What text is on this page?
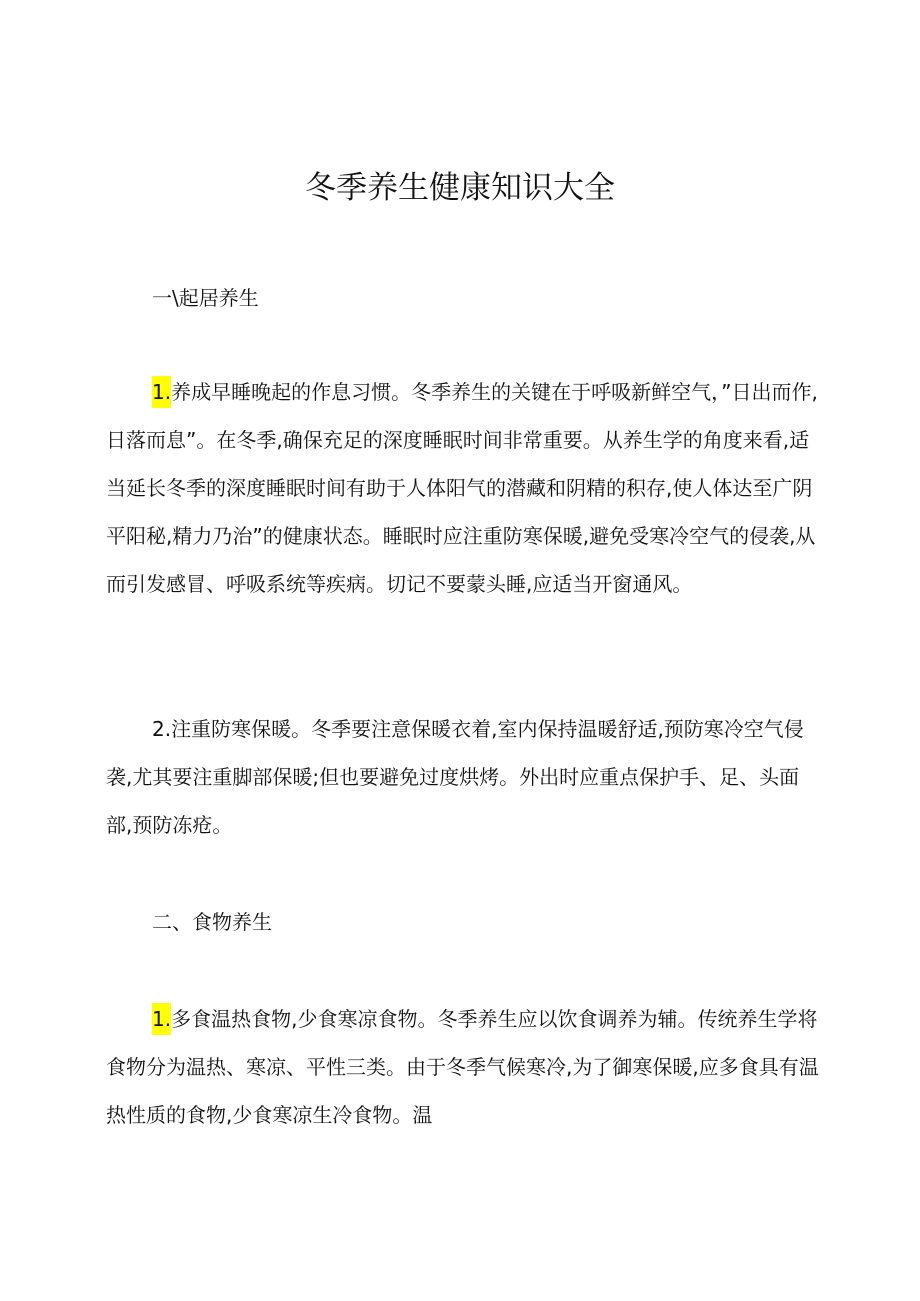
冬季养生健康知识大全
一\起居养生

1.养成早睡晚起的作息习惯。冬季养生的关键在于呼吸新鲜空气，”日出而作,日落而息”。在冬季,确保充足的深度睡眠时间非常重要。从养生学的角度来看,适当延长冬季的深度睡眠时间有助于人体阳气的潜藏和阴精的积存,使人体达至广阴平阳秘,精力乃治”的健康状态。睡眠时应注重防寒保暖,避免受寒冷空气的侵袭,从而引发感冒、呼吸系统等疾病。切记不要蒙头睡,应适当开窗通风。

2.注重防寒保暖。冬季要注意保暖衣着,室内保持温暖舒适,预防寒冷空气侵袭,尤其要注重脚部保暖;但也要避免过度烘烤。外出时应重点保护手、足、头面部,预防冻疮。

二、食物养生

1.多食温热食物,少食寒凉食物。冬季养生应以饮食调养为辅。传统养生学将食物分为温热、寒凉、平性三类。由于冬季气候寒冷,为了御寒保暖,应多食具有温热性质的食物,少食寒凉生冷食物。温
